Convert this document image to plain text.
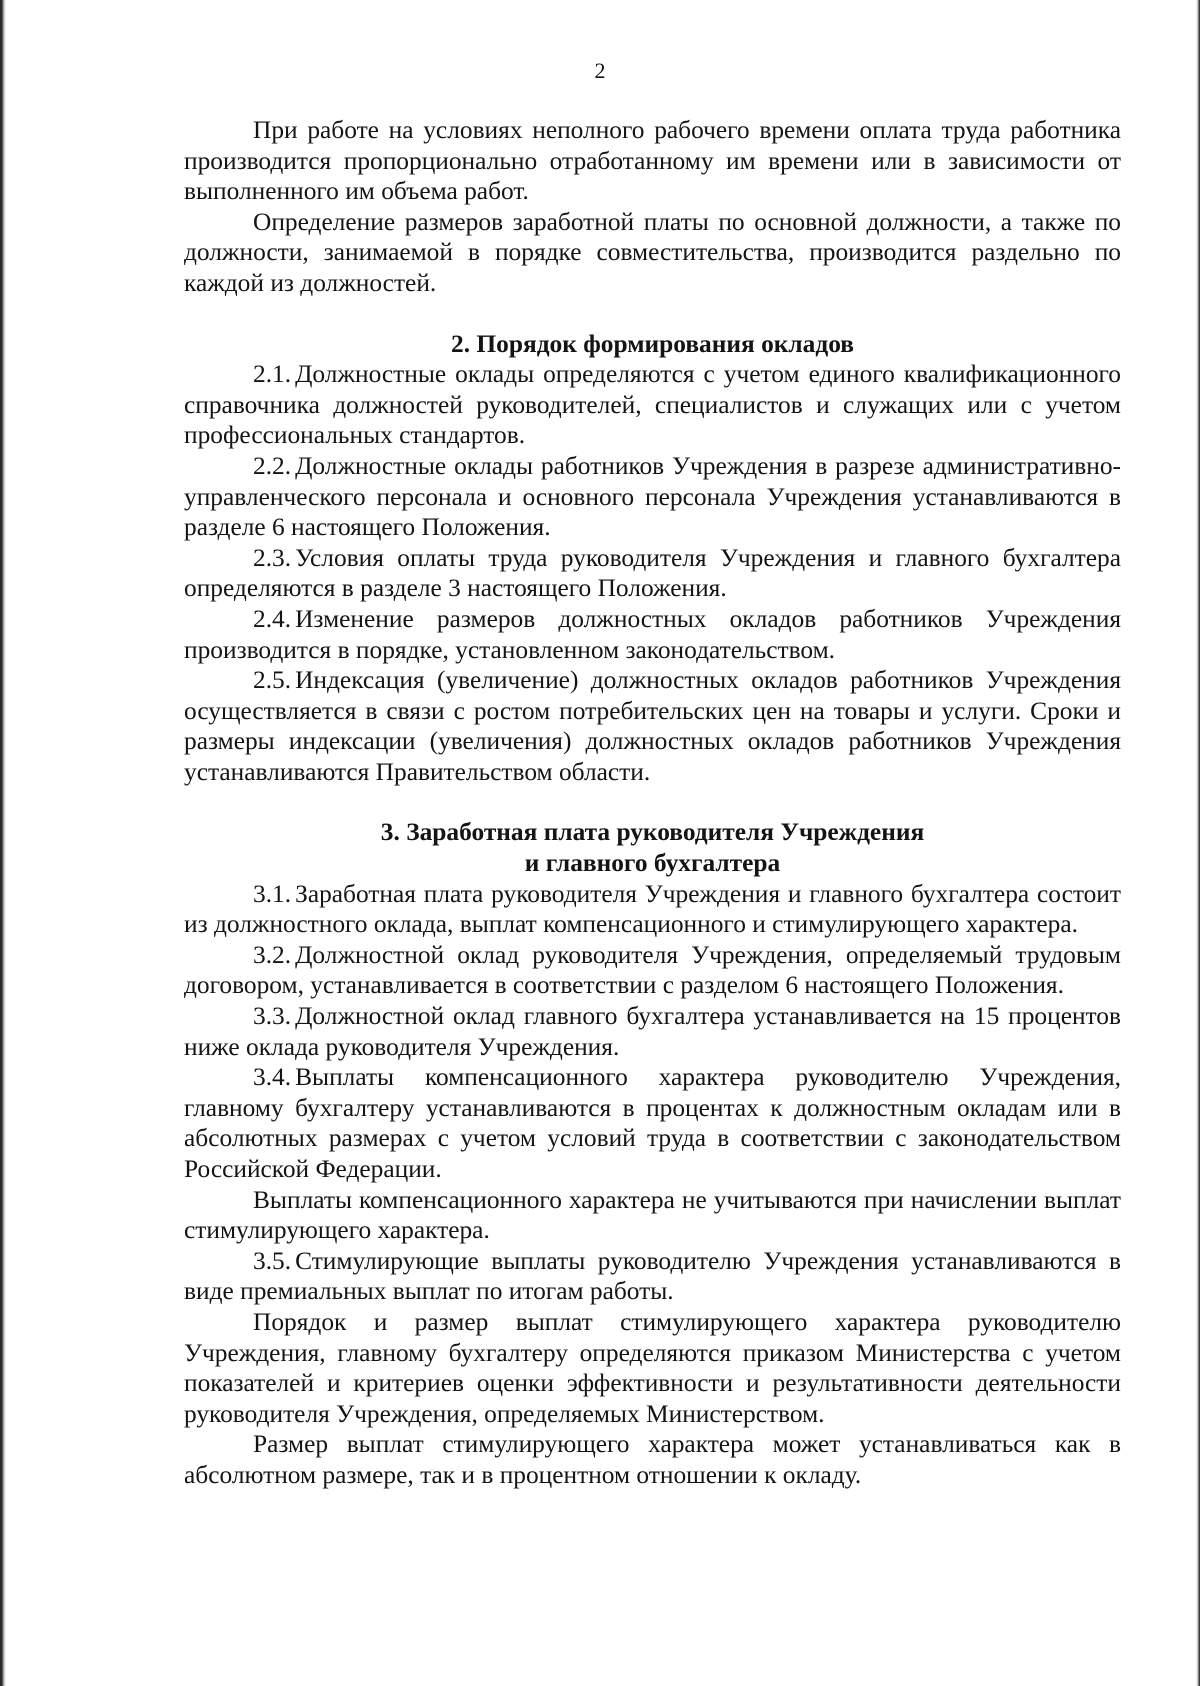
2

При работе на условиях неполного рабочего времени оплата труда работника производится пропорционально отработанному им времени или в зависимости от выполненного им объема работ.

Определение размеров заработной платы по основной должности, а также по должности, занимаемой в порядке совместительства, производится раздельно по каждой из должностей.

2. Порядок формирования окладов

2.1. Должностные оклады определяются с учетом единого квалификационного справочника должностей руководителей, специалистов и служащих или с учетом профессиональных стандартов.

2.2. Должностные оклады работников Учреждения в разрезе административно-управленческого персонала и основного персонала Учреждения устанавливаются в разделе 6 настоящего Положения.

2.3. Условия оплаты труда руководителя Учреждения и главного бухгалтера определяются в разделе 3 настоящего Положения.

2.4. Изменение размеров должностных окладов работников Учреждения производится в порядке, установленном законодательством.

2.5. Индексация (увеличение) должностных окладов работников Учреждения осуществляется в связи с ростом потребительских цен на товары и услуги. Сроки и размеры индексации (увеличения) должностных окладов работников Учреждения устанавливаются Правительством области.

3. Заработная плата руководителя Учреждения
и главного бухгалтера

3.1. Заработная плата руководителя Учреждения и главного бухгалтера состоит из должностного оклада, выплат компенсационного и стимулирующего характера.

3.2. Должностной оклад руководителя Учреждения, определяемый трудовым договором, устанавливается в соответствии с разделом 6 настоящего Положения.

3.3. Должностной оклад главного бухгалтера устанавливается на 15 процентов ниже оклада руководителя Учреждения.

3.4. Выплаты компенсационного характера руководителю Учреждения, главному бухгалтеру устанавливаются в процентах к должностным окладам или в абсолютных размерах с учетом условий труда в соответствии с законодательством Российской Федерации.

Выплаты компенсационного характера не учитываются при начислении выплат стимулирующего характера.

3.5. Стимулирующие выплаты руководителю Учреждения устанавливаются в виде премиальных выплат по итогам работы.

Порядок и размер выплат стимулирующего характера руководителю Учреждения, главному бухгалтеру определяются приказом Министерства с учетом показателей и критериев оценки эффективности и результативности деятельности руководителя Учреждения, определяемых Министерством.

Размер выплат стимулирующего характера может устанавливаться как в абсолютном размере, так и в процентном отношении к окладу.
